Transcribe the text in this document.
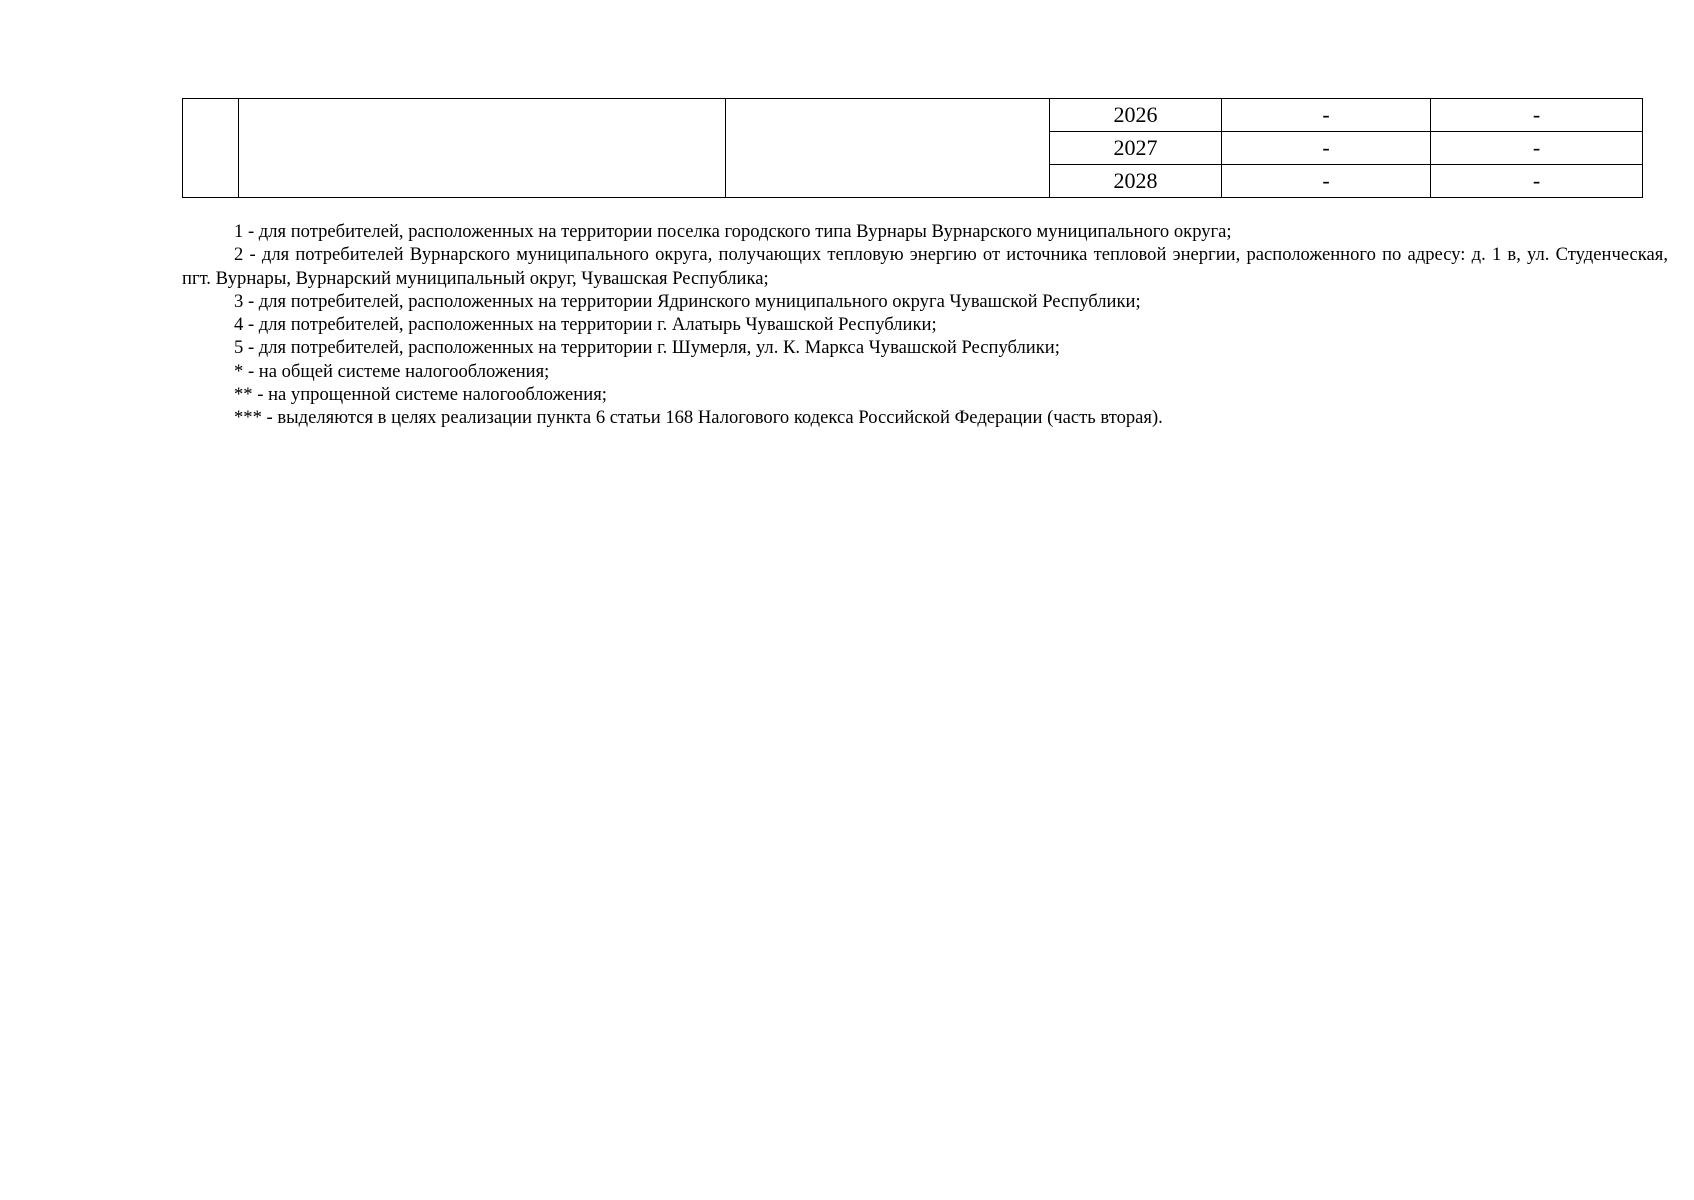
			2026	-	-
			2027	-	-
			2028	-	-

1 - для потребителей, расположенных на территории поселка городского типа Вурнары Вурнарского муниципального округа;

2 - для потребителей Вурнарского муниципального округа, получающих тепловую энергию от источника тепловой энергии, расположенного по адресу: д. 1 в, ул. Студенческая, пгт. Вурнары, Вурнарский муниципальный округ, Чувашская Республика;

3 - для потребителей, расположенных на территории Ядринского муниципального округа Чувашской Республики;

4 - для потребителей, расположенных на территории г. Алатырь Чувашской Республики;

5 - для потребителей, расположенных на территории г. Шумерля, ул. К. Маркса Чувашской Республики;

* - на общей системе налогообложения;

** - на упрощенной системе налогообложения;

*** - выделяются в целях реализации пункта 6 статьи 168 Налогового кодекса Российской Федерации (часть вторая).
